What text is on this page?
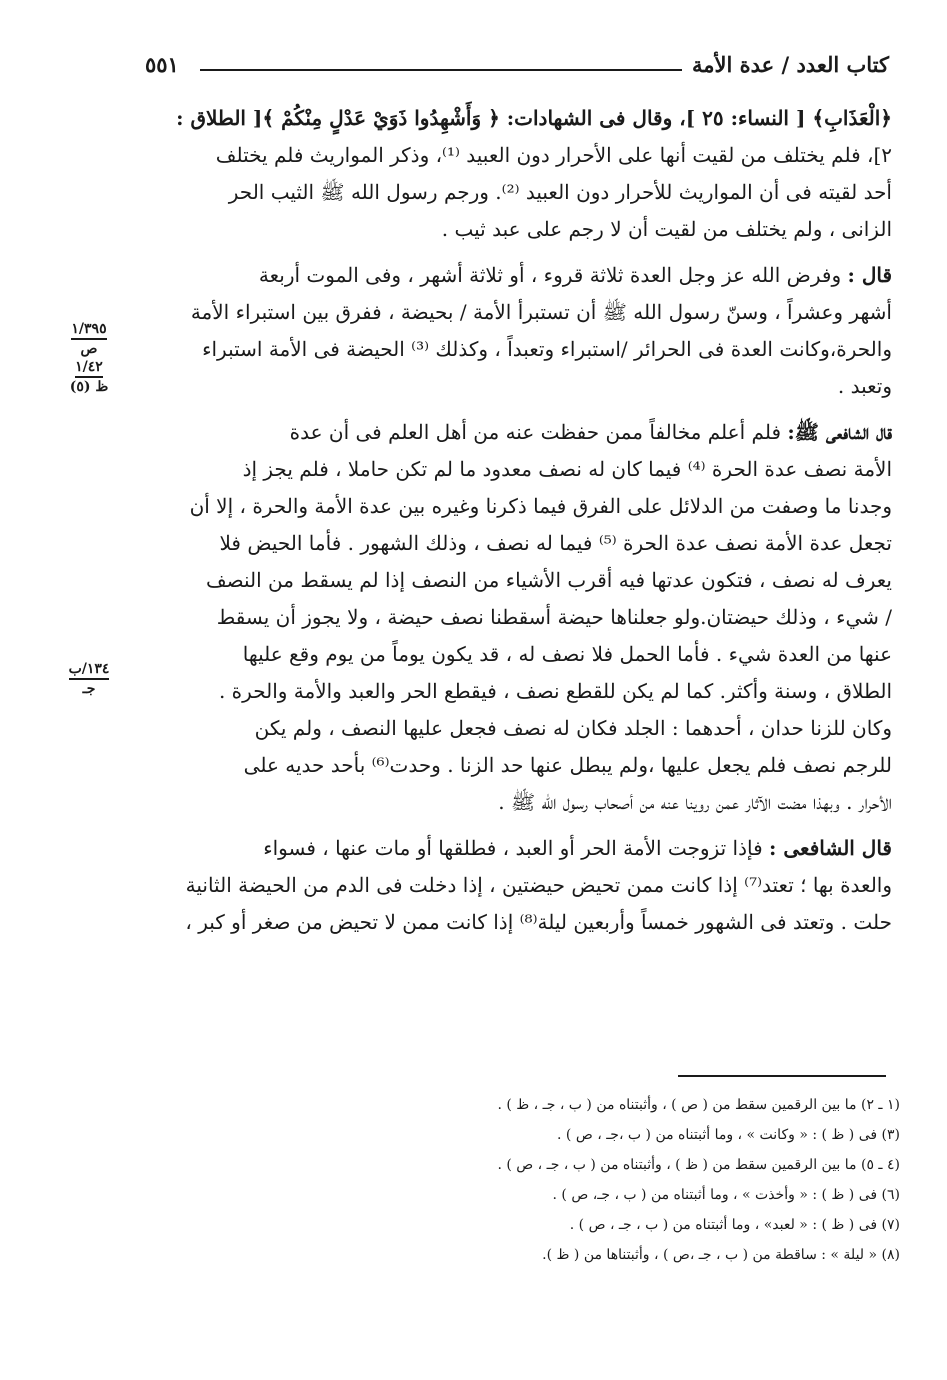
كتاب العدد / عدة الأمة
٥٥١
١/٣٩٥
ص
١/٤٢
ظ (٥)
١٣٤/ب
جـ

﴿الْعَذَابِ﴾ [ النساء: ٢٥ ]، وقال فى الشهادات: ﴿ وَأَشْهِدُوا ذَوَيْ عَدْلٍ مِنْكُمْ ﴾[ الطلاق :
٢]، فلم يختلف من لقيت أنها على الأحرار دون العبيد ⁽¹⁾، وذكر المواريث فلم يختلف
أحد لقيته فى أن المواريث للأحرار دون العبيد ⁽²⁾. ورجم رسول الله ﷺ الثيب الحر
الزانى ، ولم يختلف من لقيت أن لا رجم على عبد ثيب .

قال : وفرض الله عز وجل العدة ثلاثة قروء ، أو ثلاثة أشهر ، وفى الموت أربعة
أشهر وعشراً ، وسنّ رسول الله ﷺ أن تستبرأ الأمة / بحيضة ، ففرق بين استبراء الأمة
والحرة،وكانت العدة فى الحرائر /استبراء وتعبداً ، وكذلك ⁽³⁾ الحيضة فى الأمة استبراء
وتعبد .

قال الشافعى ﷺ: فلم أعلم مخالفاً ممن حفظت عنه من أهل العلم فى أن عدة
الأمة نصف عدة الحرة ⁽⁴⁾ فيما كان له نصف معدود ما لم تكن حاملا ، فلم يجز إذ
وجدنا ما وصفت من الدلائل على الفرق فيما ذكرنا وغيره بين عدة الأمة والحرة ، إلا أن
تجعل عدة الأمة نصف عدة الحرة ⁽⁵⁾ فيما له نصف ، وذلك الشهور . فأما الحيض فلا
يعرف له نصف ، فتكون عدتها فيه أقرب الأشياء من النصف إذا لم يسقط من النصف
/ شيء ، وذلك حيضتان.ولو جعلناها حيضة أسقطنا نصف حيضة ، ولا يجوز أن يسقط
عنها من العدة شيء . فأما الحمل فلا نصف له ، قد يكون يوماً من يوم وقع عليها
الطلاق ، وسنة وأكثر. كما لم يكن للقطع نصف ، فيقطع الحر والعبد والأمة والحرة .
وكان للزنا حدان ، أحدهما : الجلد فكان له نصف فجعل عليها النصف ، ولم يكن
للرجم نصف فلم يجعل عليها ،ولم يبطل عنها حد الزنا . وحدت⁽⁶⁾ بأحد حديه على
الأحرار . وبهذا مضت الآثار عمن روينا عنه من أصحاب رسول الله ﷺ .

قال الشافعى : فإذا تزوجت الأمة الحر أو العبد ، فطلقها أو مات عنها ، فسواء
والعدة بها ؛ تعتد⁽⁷⁾ إذا كانت ممن تحيض حيضتين ، إذا دخلت فى الدم من الحيضة الثانية
حلت . وتعتد فى الشهور خمساً وأربعين ليلة⁽⁸⁾ إذا كانت ممن لا تحيض من صغر أو كبر ،

(١ ـ ٢) ما بين الرقمين سقط من ( ص ) ، وأثبتناه من ( ب ، جـ ، ظ ) .
(٣) فى ( ظ ) : « وكانت » ، وما أثبتناه من ( ب ،جـ ، ص ) .
(٤ ـ ٥) ما بين الرقمين سقط من ( ظ ) ، وأثبتناه من ( ب ، جـ ، ص ) .
(٦) فى ( ظ ) : « وأخذت » ، وما أثبتناه من ( ب ، جـ، ص ) .
(٧) فى ( ظ ) : « لعبد» ، وما أثبتناه من ( ب ، جـ ، ص ) .
(٨) « ليلة » : ساقطة من ( ب ، جـ ،ص ) ، وأثبتناها من ( ظ ).
